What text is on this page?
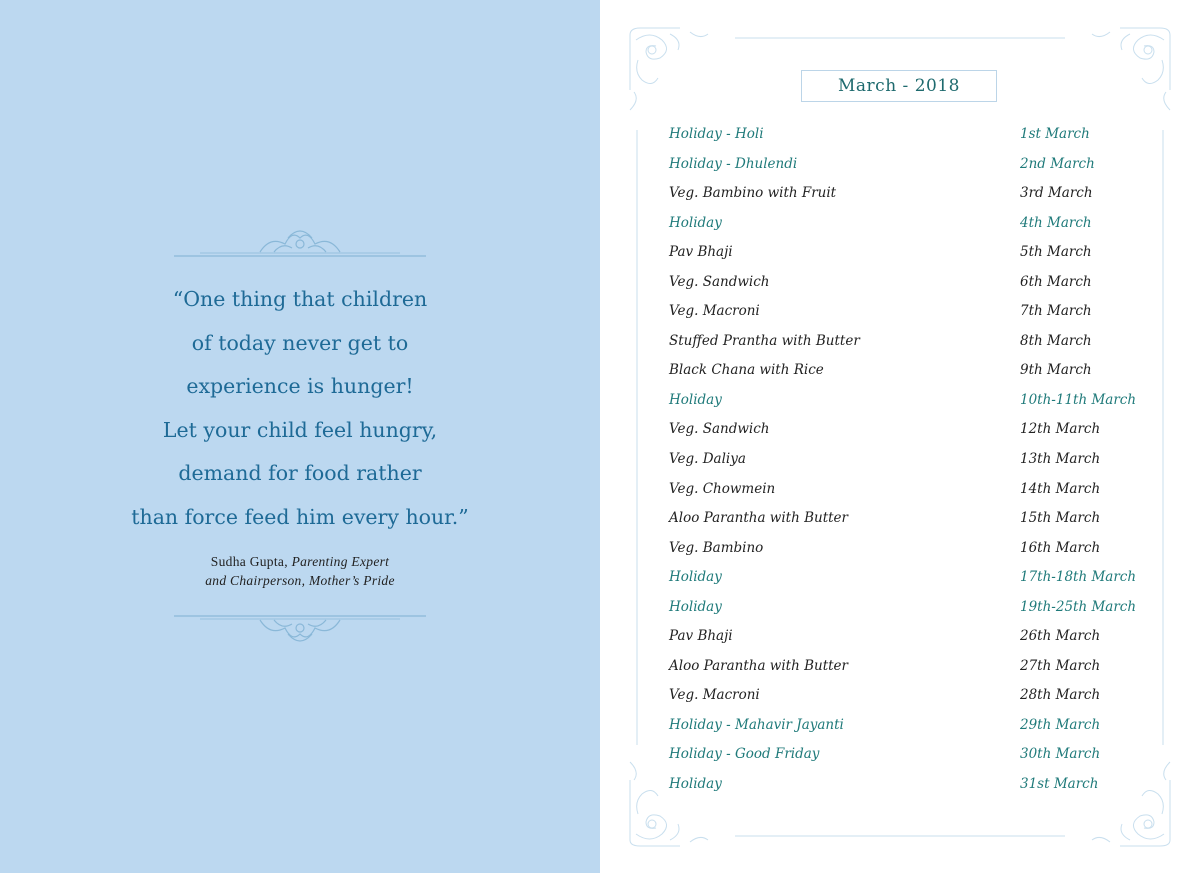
“One thing that children
of today never get to
experience is hunger!
Let your child feel hungry,
demand for food rather
than force feed him every hour.”
Sudha Gupta, Parenting Expert
and Chairperson, Mother’s Pride
March - 2018
Holiday - Holi	1st March
Holiday - Dhulendi	2nd March
Veg. Bambino with Fruit	3rd March
Holiday	4th March
Pav Bhaji	5th March
Veg. Sandwich	6th March
Veg. Macroni	7th March
Stuffed Prantha with Butter	8th March
Black Chana with Rice	9th March
Holiday	10th-11th March
Veg. Sandwich	12th March
Veg. Daliya	13th March
Veg. Chowmein	14th March
Aloo Parantha with Butter	15th March
Veg. Bambino	16th March
Holiday	17th-18th March
Holiday	19th-25th March
Pav Bhaji	26th March
Aloo Parantha with Butter	27th March
Veg. Macroni	28th March
Holiday - Mahavir Jayanti	29th March
Holiday - Good Friday	30th March
Holiday	31st March
